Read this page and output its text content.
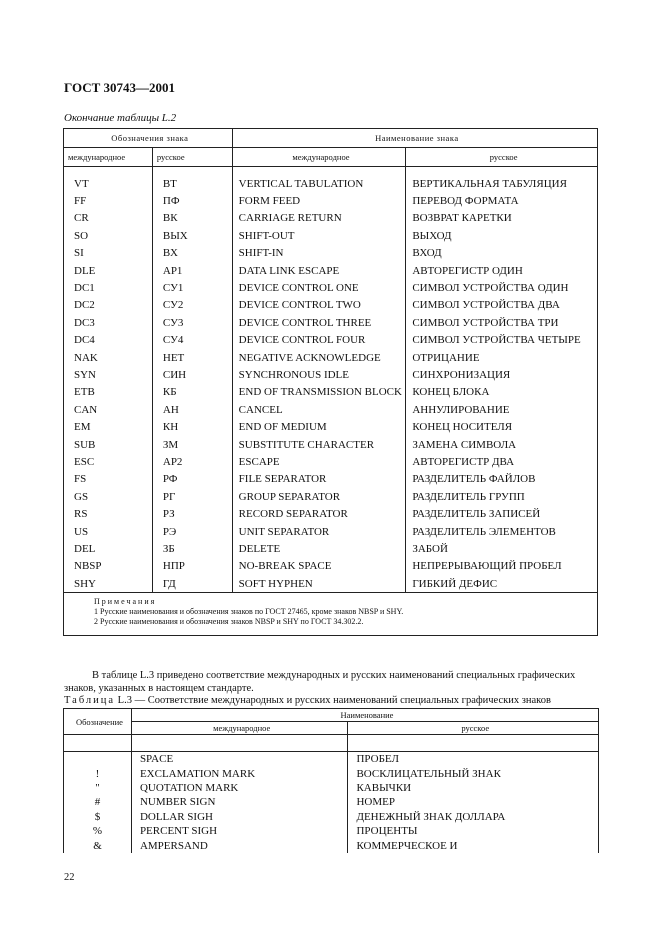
ГОСТ 30743—2001
Окончание таблицы L.2
Обозначения знака		Наименование знака	
международное	русское	международное	русское

VT	ВТ	VERTICAL TABULATION	ВЕРТИКАЛЬНАЯ ТАБУЛЯЦИЯ
FF	ПФ	FORM FEED	ПЕРЕВОД ФОРМАТА
CR	ВК	CARRIAGE RETURN	ВОЗВРАТ КАРЕТКИ
SO	ВЫХ	SHIFT-OUT	ВЫХОД
SI	ВХ	SHIFT-IN	ВХОД
DLE	АР1	DATA LINK ESCAPE	АВТОРЕГИСТР ОДИН
DC1	СУ1	DEVICE CONTROL ONE	СИМВОЛ УСТРОЙСТВА ОДИН
DC2	СУ2	DEVICE CONTROL TWO	СИМВОЛ УСТРОЙСТВА ДВА
DC3	СУ3	DEVICE CONTROL THREE	СИМВОЛ УСТРОЙСТВА ТРИ
DC4	СУ4	DEVICE CONTROL FOUR	СИМВОЛ УСТРОЙСТВА ЧЕТЫРЕ
NAK	НЕТ	NEGATIVE ACKNOWLEDGE	ОТРИЦАНИЕ
SYN	СИН	SYNCHRONOUS IDLE	СИНХРОНИЗАЦИЯ
ETB	КБ	END OF TRANSMISSION BLOCK	КОНЕЦ БЛОКА
CAN	АН	CANCEL	АННУЛИРОВАНИЕ
EM	КН	END OF MEDIUM	КОНЕЦ НОСИТЕЛЯ
SUB	ЗМ	SUBSTITUTE CHARACTER	ЗАМЕНА СИМВОЛА
ESC	АР2	ESCAPE	АВТОРЕГИСТР ДВА
FS	РФ	FILE SEPARATOR	РАЗДЕЛИТЕЛЬ ФАЙЛОВ
GS	РГ	GROUP SEPARATOR	РАЗДЕЛИТЕЛЬ ГРУПП
RS	РЗ	RECORD SEPARATOR	РАЗДЕЛИТЕЛЬ ЗАПИСЕЙ
US	РЭ	UNIT SEPARATOR	РАЗДЕЛИТЕЛЬ ЭЛЕМЕНТОВ
DEL	ЗБ	DELETE	ЗАБОЙ
NBSP	НПР	NO-BREAK SPACE	НЕПРЕРЫВАЮЩИЙ ПРОБЕЛ
SHY	ГД	SOFT HYPHEN	ГИБКИЙ ДЕФИС

Примечания
1 Русские наименования и обозначения знаков по ГОСТ 27465, кроме знаков NBSP и SHY.
2 Русские наименования и обозначения знаков NBSP и SHY по ГОСТ 34.302.2.			
В таблице L.3 приведено соответствие международных и русских наименований специальных графических знаков, указанных в настоящем стандарте.
Таблица L.3 — Соответствие международных и русских наименований специальных графических знаков
Обозначение	Наименование	
	международное	русское

	SPACE	ПРОБЕЛ
!	EXCLAMATION MARK	ВОСКЛИЦАТЕЛЬНЫЙ ЗНАК
"	QUOTATION MARK	КАВЫЧКИ
#	NUMBER SIGN	НОМЕР
$	DOLLAR SIGH	ДЕНЕЖНЫЙ ЗНАК ДОЛЛАРА
%	PERCENT SIGH	ПРОЦЕНТЫ
&	AMPERSAND	КОММЕРЧЕСКОЕ И
22
